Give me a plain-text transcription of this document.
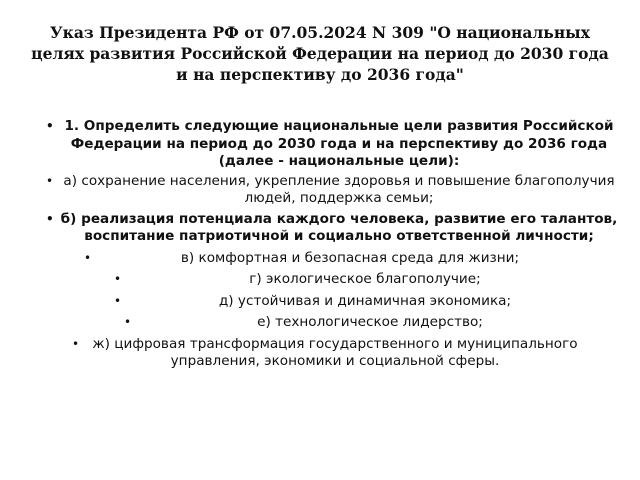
Указ Президента РФ от 07.05.2024 N 309 "О национальных целях развития Российской Федерации на период до 2030 года и на перспективу до 2036 года"
• 1. Определить следующие национальные цели развития Российской Федерации на период до 2030 года и на перспективу до 2036 года (далее - национальные цели):
• а) сохранение населения, укрепление здоровья и повышение благополучия людей, поддержка семьи;
• б) реализация потенциала каждого человека, развитие его талантов, воспитание патриотичной и социально ответственной личности;
•	в) комфортная и безопасная среда для жизни;
•	г) экологическое благополучие;
•	д) устойчивая и динамичная экономика;
•	е) технологическое лидерство;
• ж) цифровая трансформация государственного и муниципального управления, экономики и социальной сферы.
